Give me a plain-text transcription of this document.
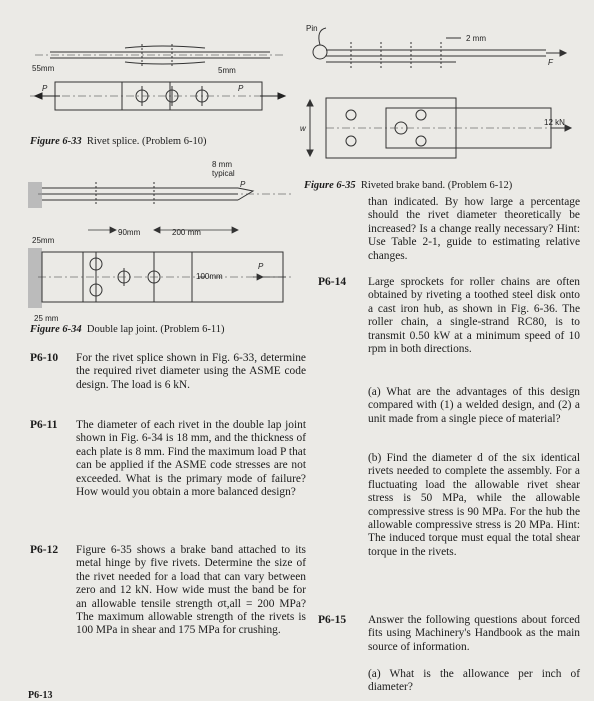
55mm	5mm
P	P
Figure 6-33 Rivet splice. (Problem 6-10)
8 mm typical
P
90mm	200 mm
25mm
100mm
P
25 mm
Figure 6-34 Double lap joint. (Problem 6-11)
Pin
2 mm
F
w
12 kN
Figure 6-35 Riveted brake band. (Problem 6-12)
P6-10 For the rivet splice shown in Fig. 6-33, determine the required rivet diameter using the ASME code design. The load is 6 kN.
P6-11 The diameter of each rivet in the double lap joint shown in Fig. 6-34 is 18 mm, and the thickness of each plate is 8 mm. Find the maximum load P that can be applied if the ASME code stresses are not exceeded. What is the primary mode of failure? How would you obtain a more balanced design?
P6-12 Figure 6-35 shows a brake band attached to its metal hinge by five rivets. Determine the size of the rivet needed for a load that can vary between zero and 12 kN. How wide must the band be for an allowable tensile strength σt,all = 200 MPa? The maximum allowable strength of the rivets is 100 MPa in shear and 175 MPa for crushing.
P6-13
than indicated. By how large a percentage should the rivet diameter theoretically be increased? Is a change really necessary? Hint: Use Table 2-1, guide to estimating relative changes.
P6-14 Large sprockets for roller chains are often obtained by riveting a toothed steel disk onto a cast iron hub, as shown in Fig. 6-36. The roller chain, a single-strand RC80, is to transmit 0.50 kW at a minimum speed of 10 rpm in both directions.
(a) What are the advantages of this design compared with (1) a welded design, and (2) a unit made from a single piece of material?
(b) Find the diameter d of the six identical rivets needed to complete the assembly. For a fluctuating load the allowable rivet shear stress is 50 MPa, while the allowable compressive stress is 90 MPa. For the hub the allowable compressive stress is 20 MPa. Hint: The induced torque must equal the total shear torque in the rivets.
P6-15 Answer the following questions about forced fits using Machinery's Handbook as the main source of information.
(a) What is the allowance per inch of diameter?
